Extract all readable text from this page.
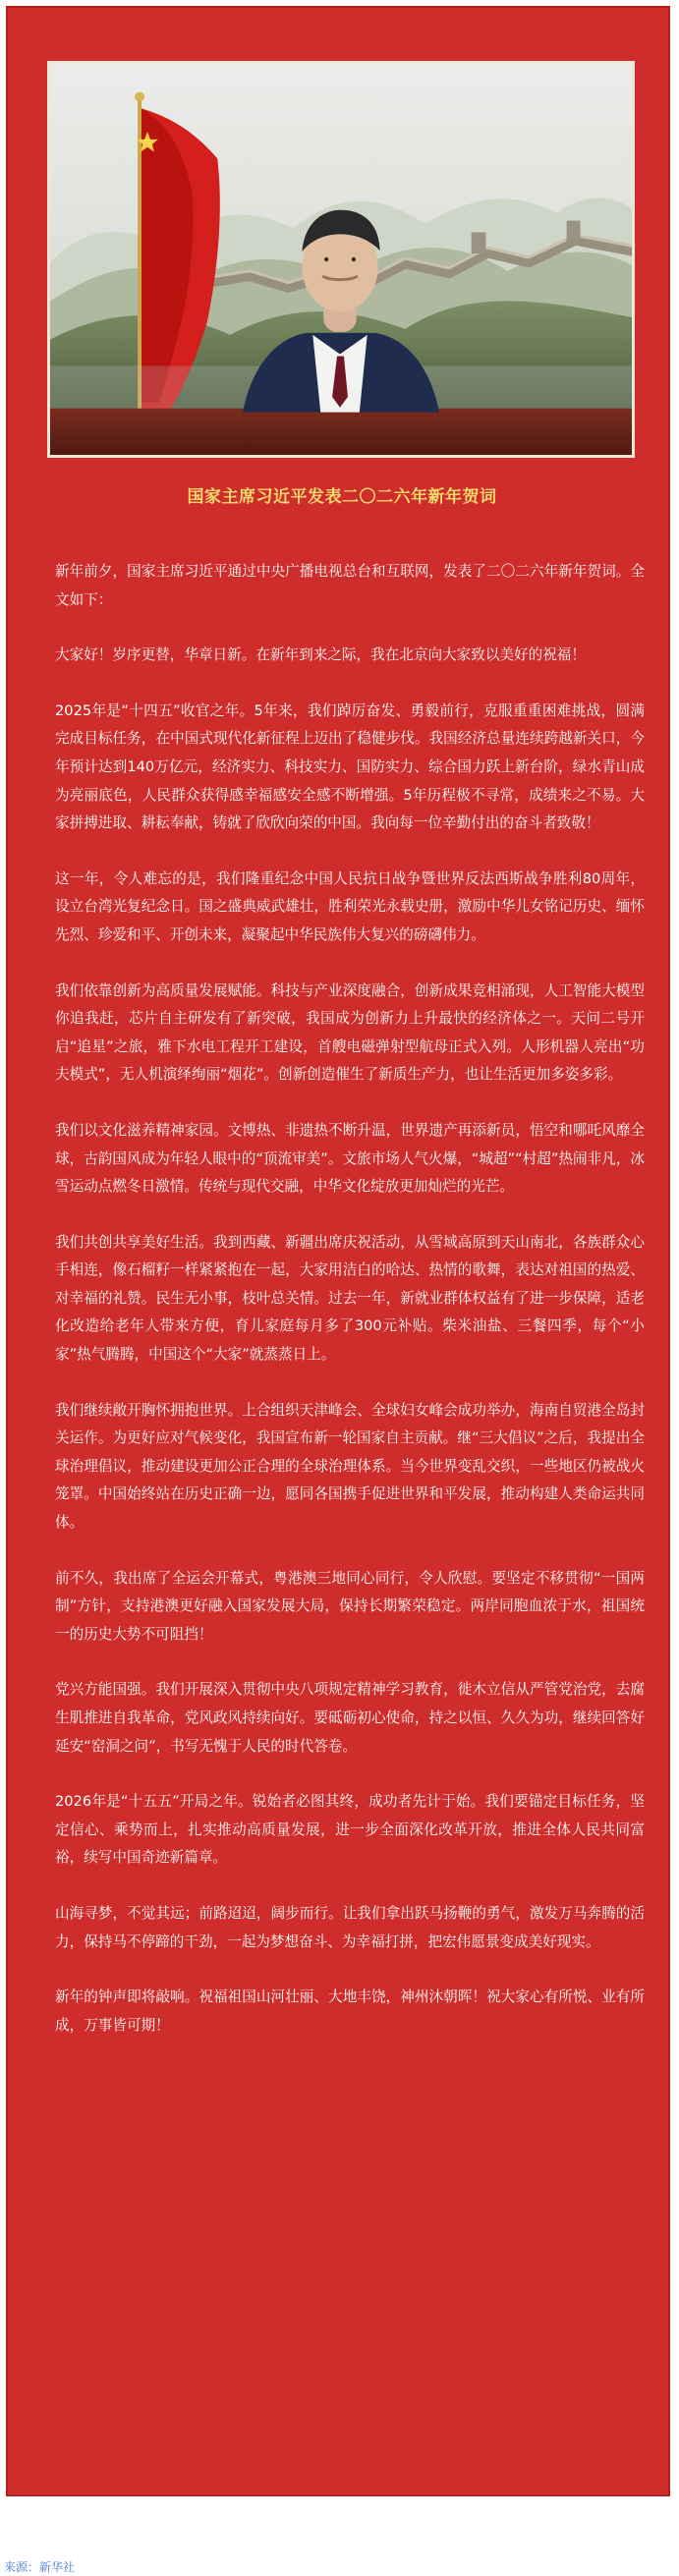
国家主席习近平发表二〇二六年新年贺词

新年前夕，国家主席习近平通过中央广播电视总台和互联网，发表了二〇二六年新年贺词。全文如下：

大家好！岁序更替，华章日新。在新年到来之际，我在北京向大家致以美好的祝福！

2025年是“十四五”收官之年。5年来，我们踔厉奋发、勇毅前行，克服重重困难挑战，圆满完成目标任务，在中国式现代化新征程上迈出了稳健步伐。我国经济总量连续跨越新关口，今年预计达到140万亿元，经济实力、科技实力、国防实力、综合国力跃上新台阶，绿水青山成为亮丽底色，人民群众获得感幸福感安全感不断增强。5年历程极不寻常，成绩来之不易。大家拼搏进取、耕耘奉献，铸就了欣欣向荣的中国。我向每一位辛勤付出的奋斗者致敬！

这一年，令人难忘的是，我们隆重纪念中国人民抗日战争暨世界反法西斯战争胜利80周年，设立台湾光复纪念日。国之盛典威武雄壮，胜利荣光永载史册，激励中华儿女铭记历史、缅怀先烈、珍爱和平、开创未来，凝聚起中华民族伟大复兴的磅礴伟力。

我们依靠创新为高质量发展赋能。科技与产业深度融合，创新成果竞相涌现，人工智能大模型你追我赶，芯片自主研发有了新突破，我国成为创新力上升最快的经济体之一。天问二号开启“追星”之旅，雅下水电工程开工建设，首艘电磁弹射型航母正式入列。人形机器人亮出“功夫模式”，无人机演绎绚丽“烟花”。创新创造催生了新质生产力，也让生活更加多姿多彩。

我们以文化滋养精神家园。文博热、非遗热不断升温，世界遗产再添新员，悟空和哪吒风靡全球，古韵国风成为年轻人眼中的“顶流审美”。文旅市场人气火爆，“城超”“村超”热闹非凡，冰雪运动点燃冬日激情。传统与现代交融，中华文化绽放更加灿烂的光芒。

我们共创共享美好生活。我到西藏、新疆出席庆祝活动，从雪域高原到天山南北，各族群众心手相连，像石榴籽一样紧紧抱在一起，大家用洁白的哈达、热情的歌舞，表达对祖国的热爱、对幸福的礼赞。民生无小事，枝叶总关情。过去一年，新就业群体权益有了进一步保障，适老化改造给老年人带来方便，育儿家庭每月多了300元补贴。柴米油盐、三餐四季，每个“小家”热气腾腾，中国这个“大家”就蒸蒸日上。

我们继续敞开胸怀拥抱世界。上合组织天津峰会、全球妇女峰会成功举办，海南自贸港全岛封关运作。为更好应对气候变化，我国宣布新一轮国家自主贡献。继“三大倡议”之后，我提出全球治理倡议，推动建设更加公正合理的全球治理体系。当今世界变乱交织，一些地区仍被战火笼罩。中国始终站在历史正确一边，愿同各国携手促进世界和平发展，推动构建人类命运共同体。

前不久，我出席了全运会开幕式，粤港澳三地同心同行，令人欣慰。要坚定不移贯彻“一国两制”方针，支持港澳更好融入国家发展大局，保持长期繁荣稳定。两岸同胞血浓于水，祖国统一的历史大势不可阻挡！

党兴方能国强。我们开展深入贯彻中央八项规定精神学习教育，徙木立信从严管党治党，去腐生肌推进自我革命，党风政风持续向好。要砥砺初心使命，持之以恒、久久为功，继续回答好延安“窑洞之问”，书写无愧于人民的时代答卷。

2026年是“十五五”开局之年。锐始者必图其终，成功者先计于始。我们要锚定目标任务，坚定信心、乘势而上，扎实推动高质量发展，进一步全面深化改革开放，推进全体人民共同富裕，续写中国奇迹新篇章。

山海寻梦，不觉其远；前路迢迢，阔步而行。让我们拿出跃马扬鞭的勇气，激发万马奔腾的活力，保持马不停蹄的干劲，一起为梦想奋斗、为幸福打拼，把宏伟愿景变成美好现实。

新年的钟声即将敲响。祝福祖国山河壮丽、大地丰饶，神州沐朝晖！祝大家心有所悦、业有所成，万事皆可期！

来源：新华社
